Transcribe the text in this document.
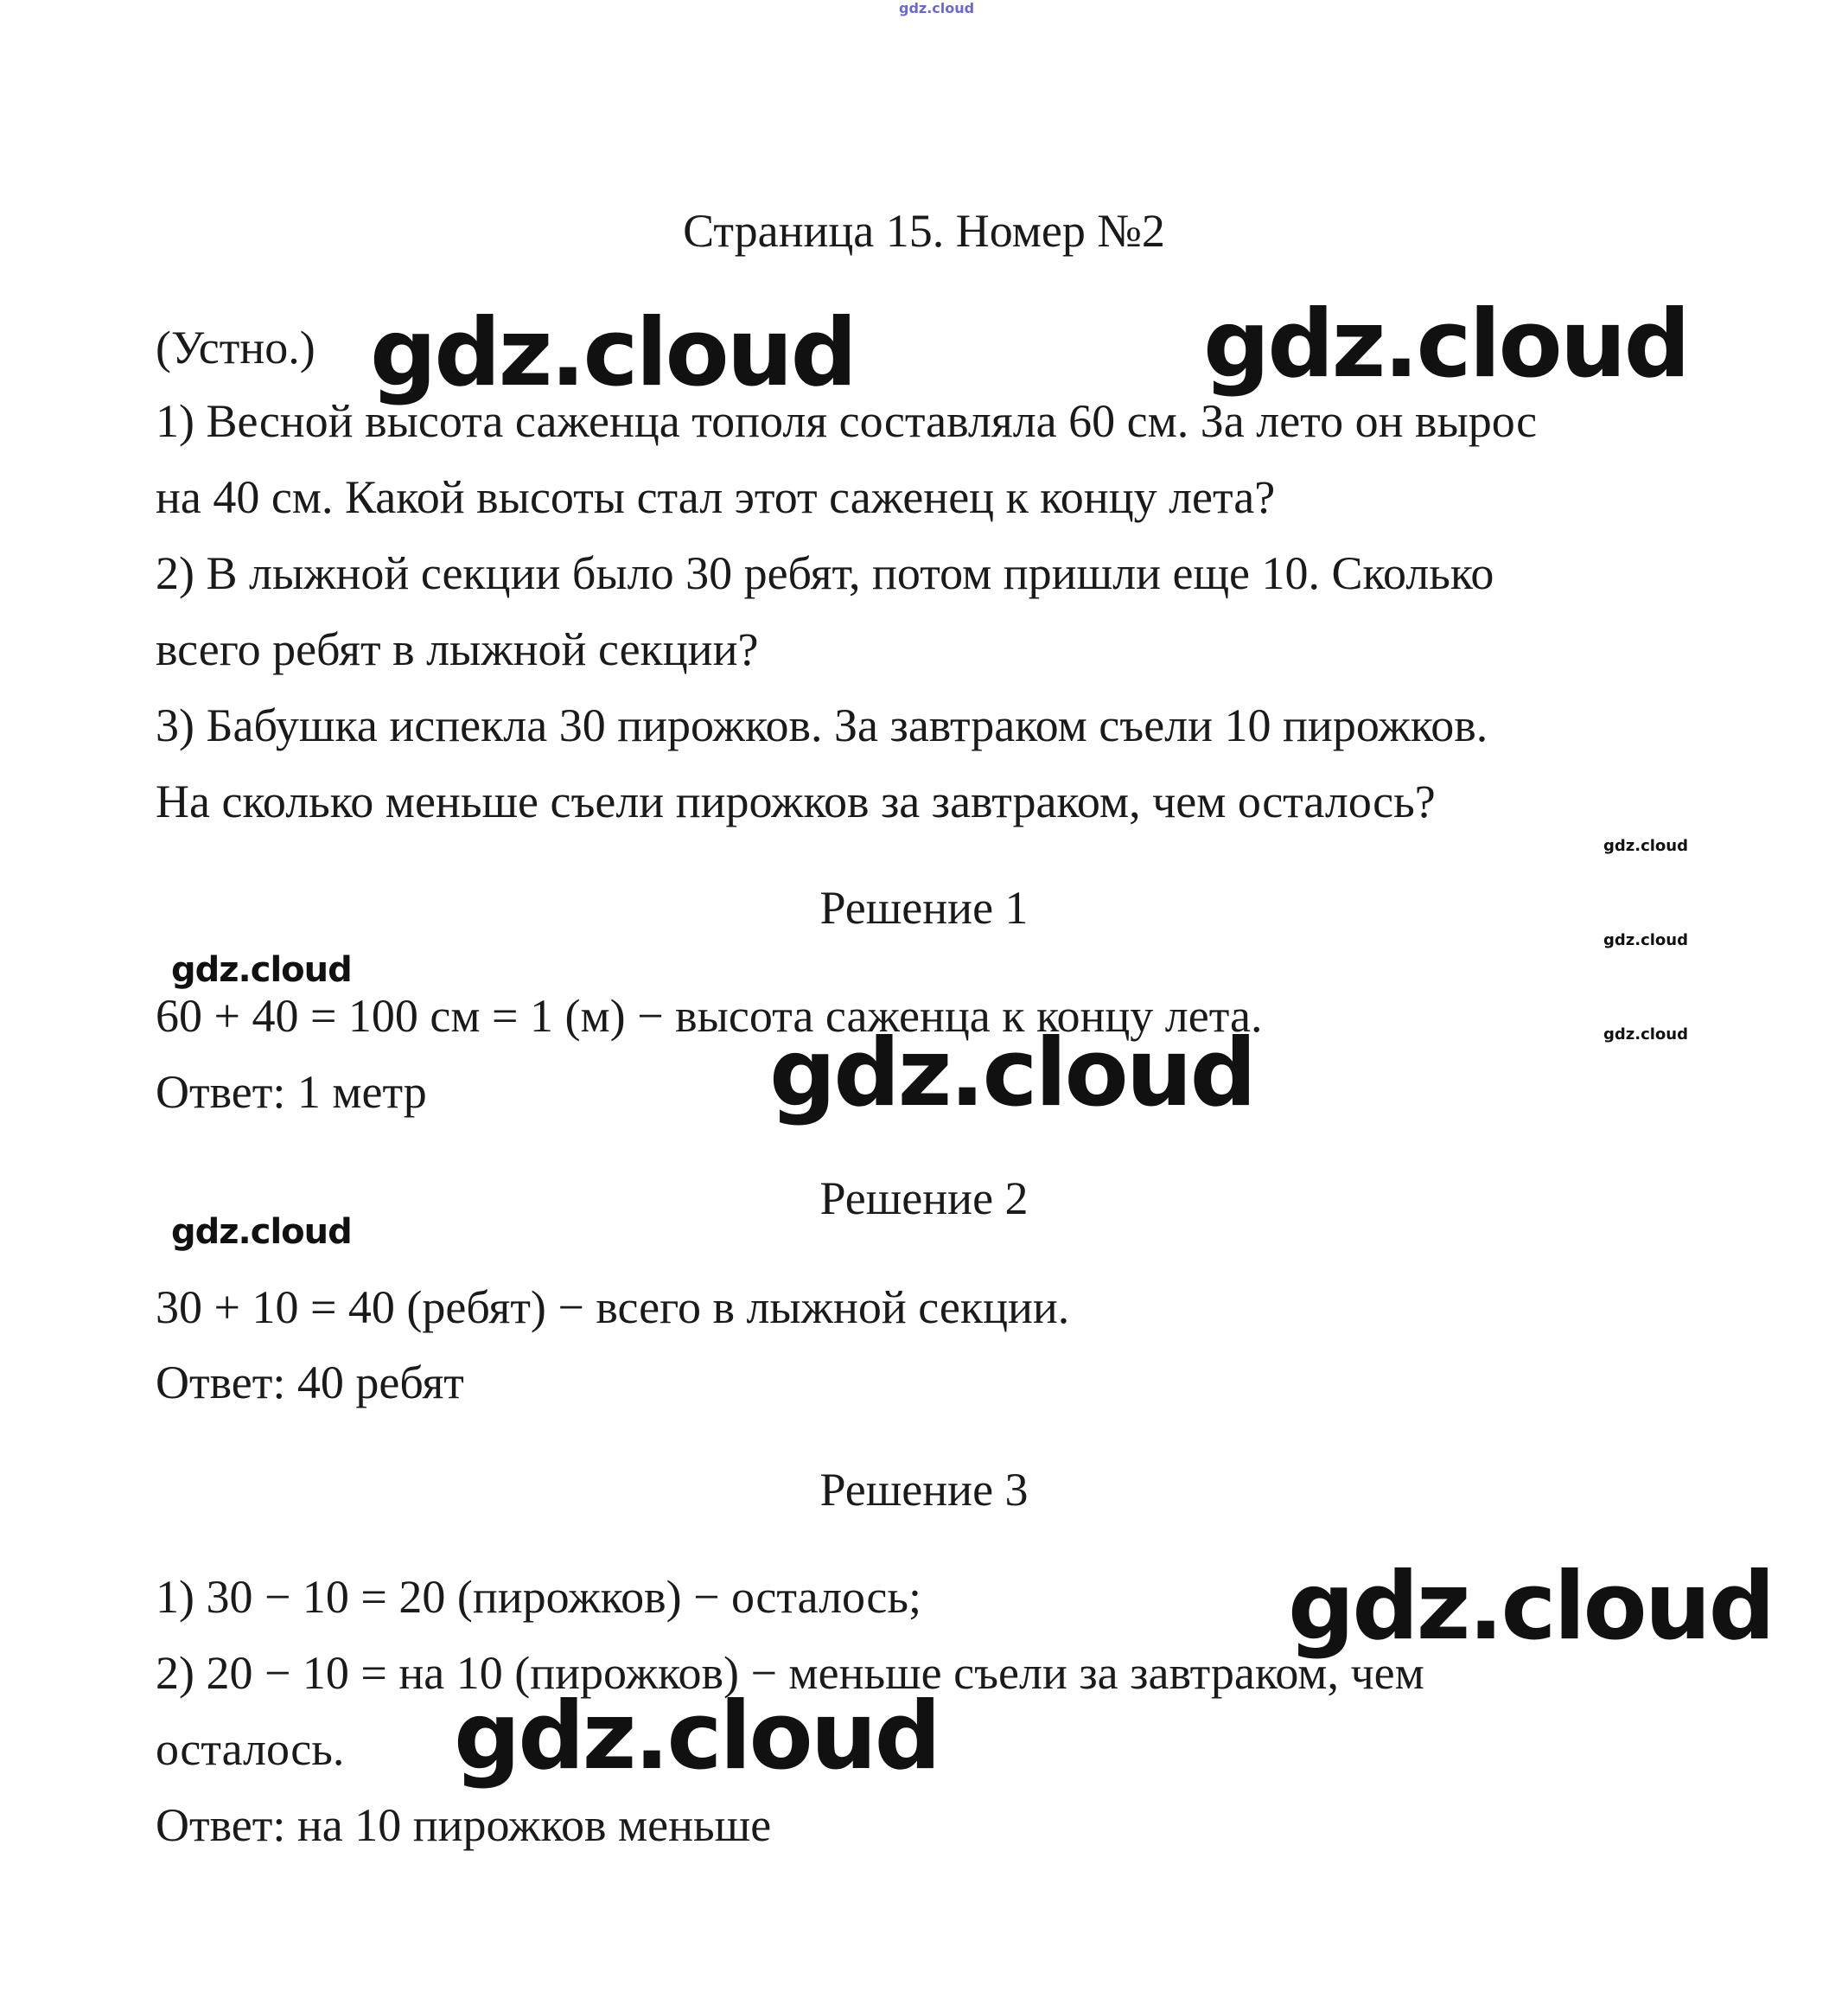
gdz.cloud
Страница 15. Номер №2

(Устно.)

1) Весной высота саженца тополя составляла 60 см. За лето он вырос

на 40 см. Какой высоты стал этот саженец к концу лета?

2) В лыжной секции было 30 ребят, потом пришли еще 10. Сколько

всего ребят в лыжной секции?

3) Бабушка испекла 30 пирожков. За завтраком съели 10 пирожков.

На сколько меньше съели пирожков за завтраком, чем осталось?

Решение 1

60 + 40 = 100 см = 1 (м) − высота саженца к концу лета.

Ответ: 1 метр

Решение 2

30 + 10 = 40 (ребят) − всего в лыжной секции.

Ответ: 40 ребят

Решение 3

1) 30 − 10 = 20 (пирожков) − осталось;

2) 20 − 10 = на 10 (пирожков) − меньше съели за завтраком, чем

осталось.

Ответ: на 10 пирожков меньше

gdz.cloud	gdz.cloud
gdz.cloud
gdz.cloud
gdz.cloud
gdz.cloud
gdz.cloud
gdz.cloud
gdz.cloud
gdz.cloud
